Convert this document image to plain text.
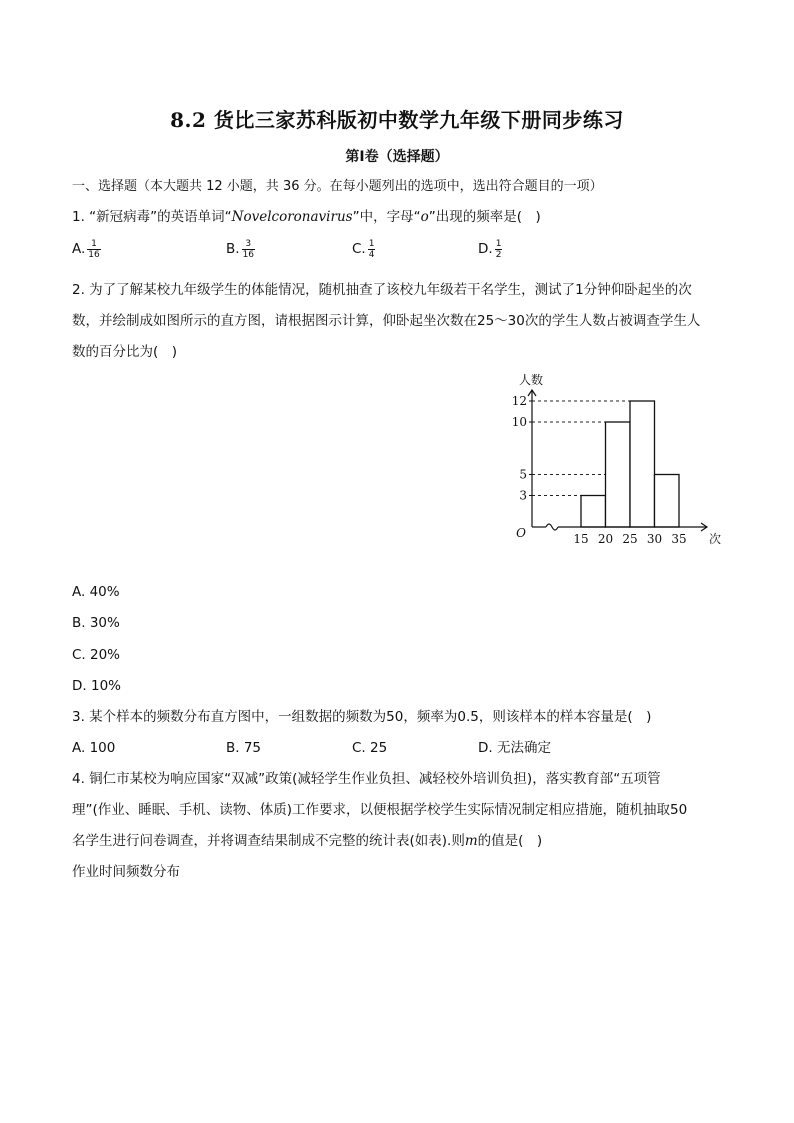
8.2 货比三家苏科版初中数学九年级下册同步练习
第I卷（选择题）
一、选择题（本大题共 12 小题，共 36 分。在每小题列出的选项中，选出符合题目的一项）
1. “新冠病毒”的英语单词“Novelcoronavirus”中，字母“o”出现的频率是(　)
A. $\frac{1}{16}$	B. $\frac{3}{16}$	C. $\frac{1}{4}$	D. $\frac{1}{2}$
2. 为了了解某校九年级学生的体能情况，随机抽查了该校九年级若干名学生，测试了1分钟仰卧起坐的次
数，并绘制成如图所示的直方图，请根据图示计算，仰卧起坐次数在25～30次的学生人数占被调查学生人
数的百分比为(　)
3
5
10
12
15 20 25 30 35
O
人数
次
A. 40%
B. 30%
C. 20%
D. 10%
3. 某个样本的频数分布直方图中，一组数据的频数为50，频率为0.5，则该样本的样本容量是(　)
A. 100	B. 75	C. 25	D. 无法确定
4. 铜仁市某校为响应国家“双减”政策(减轻学生作业负担、减轻校外培训负担)，落实教育部“五项管
理”(作业、睡眠、手机、读物、体质)工作要求，以便根据学校学生实际情况制定相应措施，随机抽取50
名学生进行问卷调查，并将调查结果制成不完整的统计表(如表).则m的值是(　)
作业时间频数分布
